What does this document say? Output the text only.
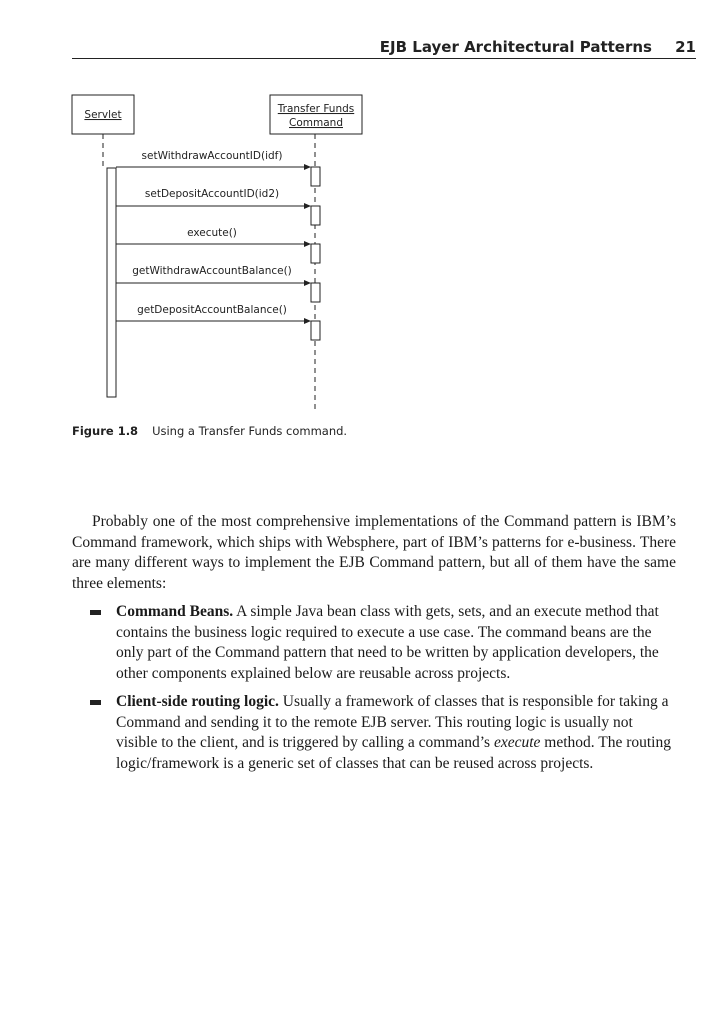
EJB Layer Architectural Patterns 21
Servlet	Transfer Funds
Command
setWithdrawAccountID(idf)
setDepositAccountID(id2)
execute()
getWithdrawAccountBalance()
getDepositAccountBalance()
Figure 1.8 Using a Transfer Funds command.

Probably one of the most comprehensive implementations of the Command pattern is IBM’s Command framework, which ships with Websphere, part of IBM’s patterns for e-business. There are many different ways to implement the EJB Command pattern, but all of them have the same three elements:

Command Beans. A simple Java bean class with gets, sets, and an execute method that contains the business logic required to execute a use case. The command beans are the only part of the Command pattern that need to be written by application developers, the other components explained below are reusable across projects.
Client-side routing logic. Usually a framework of classes that is responsible for taking a Command and sending it to the remote EJB server. This routing logic is usually not visible to the client, and is triggered by calling a command’s execute method. The routing logic/framework is a generic set of classes that can be reused across projects.
